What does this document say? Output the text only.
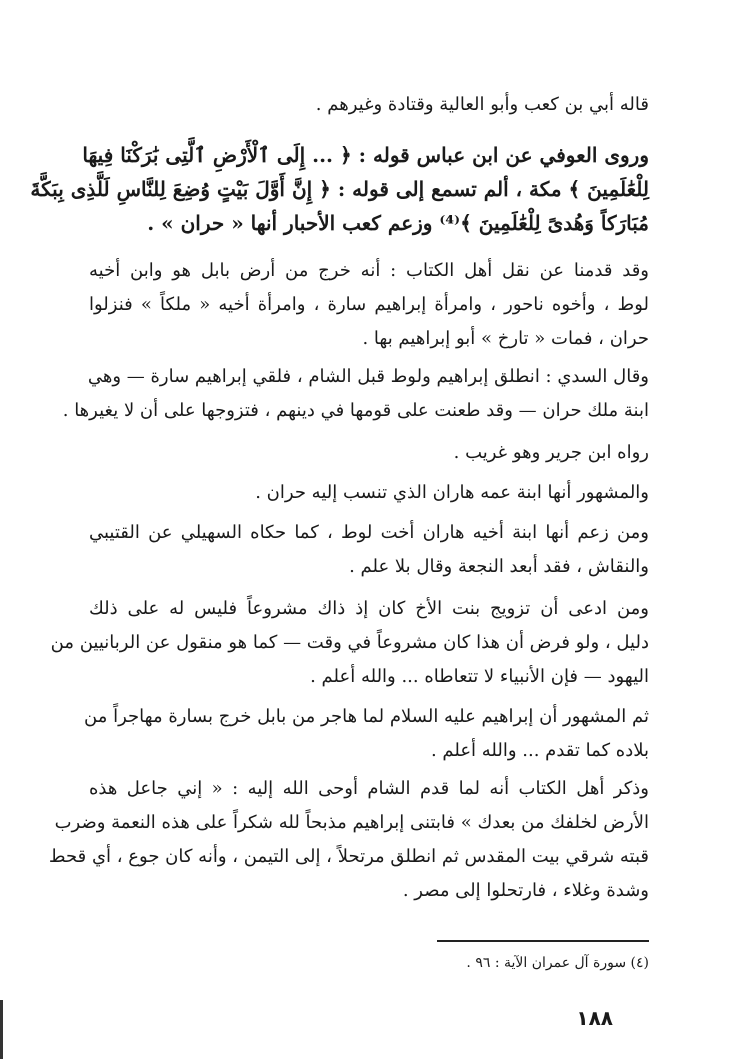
قاله أبي بن كعب وأبو العالية وقتادة وغيرهم .

وروى العوفي عن ابن عباس قوله : ﴿ ... إِلَى ٱلْأَرْضِ ٱلَّتِى بَٰرَكْنَا فِيهَا
لِلْعَٰلَمِينَ ﴾ مكة ، ألم تسمع إلى قوله : ﴿ إِنَّ أَوَّلَ بَيْتٍ وُضِعَ لِلنَّاسِ لَلَّذِى بِبَكَّةَ
مُبَارَكاً وَهُدىً لِلْعَٰلَمِينَ ﴾⁽⁴⁾ وزعم كعب الأحبار أنها « حران » .

وقد قدمنا عن نقل أهل الكتاب : أنه خرج من أرض بابل هو وابن أخيه
لوط ، وأخوه ناحور ، وامرأة إبراهيم سارة ، وامرأة أخيه « ملكاً » فنزلوا
حران ، فمات « تارخ » أبو إبراهيم بها .

وقال السدي : انطلق إبراهيم ولوط قبل الشام ، فلقي إبراهيم سارة — وهي
ابنة ملك حران — وقد طعنت على قومها في دينهم ، فتزوجها على أن لا يغيرها .

رواه ابن جرير وهو غريب .

والمشهور أنها ابنة عمه هاران الذي تنسب إليه حران .

ومن زعم أنها ابنة أخيه هاران أخت لوط ، كما حكاه السهيلي عن القتيبي
والنقاش ، فقد أبعد النجعة وقال بلا علم .

ومن ادعى أن تزويج بنت الأخ كان إذ ذاك مشروعاً فليس له على ذلك
دليل ، ولو فرض أن هذا كان مشروعاً في وقت — كما هو منقول عن الربانيين من
اليهود — فإن الأنبياء لا تتعاطاه ... والله أعلم .

ثم المشهور أن إبراهيم عليه السلام لما هاجر من بابل خرج بسارة مهاجراً من
بلاده كما تقدم ... والله أعلم .

وذكر أهل الكتاب أنه لما قدم الشام أوحى الله إليه : « إني جاعل هذه
الأرض لخلفك من بعدك » فابتنى إبراهيم مذبحاً لله شكراً على هذه النعمة وضرب
قبته شرقي بيت المقدس ثم انطلق مرتحلاً ، إلى التيمن ، وأنه كان جوع ، أي قحط
وشدة وغلاء ، فارتحلوا إلى مصر .

(٤) سورة آل عمران الآية : ٩٦ .
١٨٨
